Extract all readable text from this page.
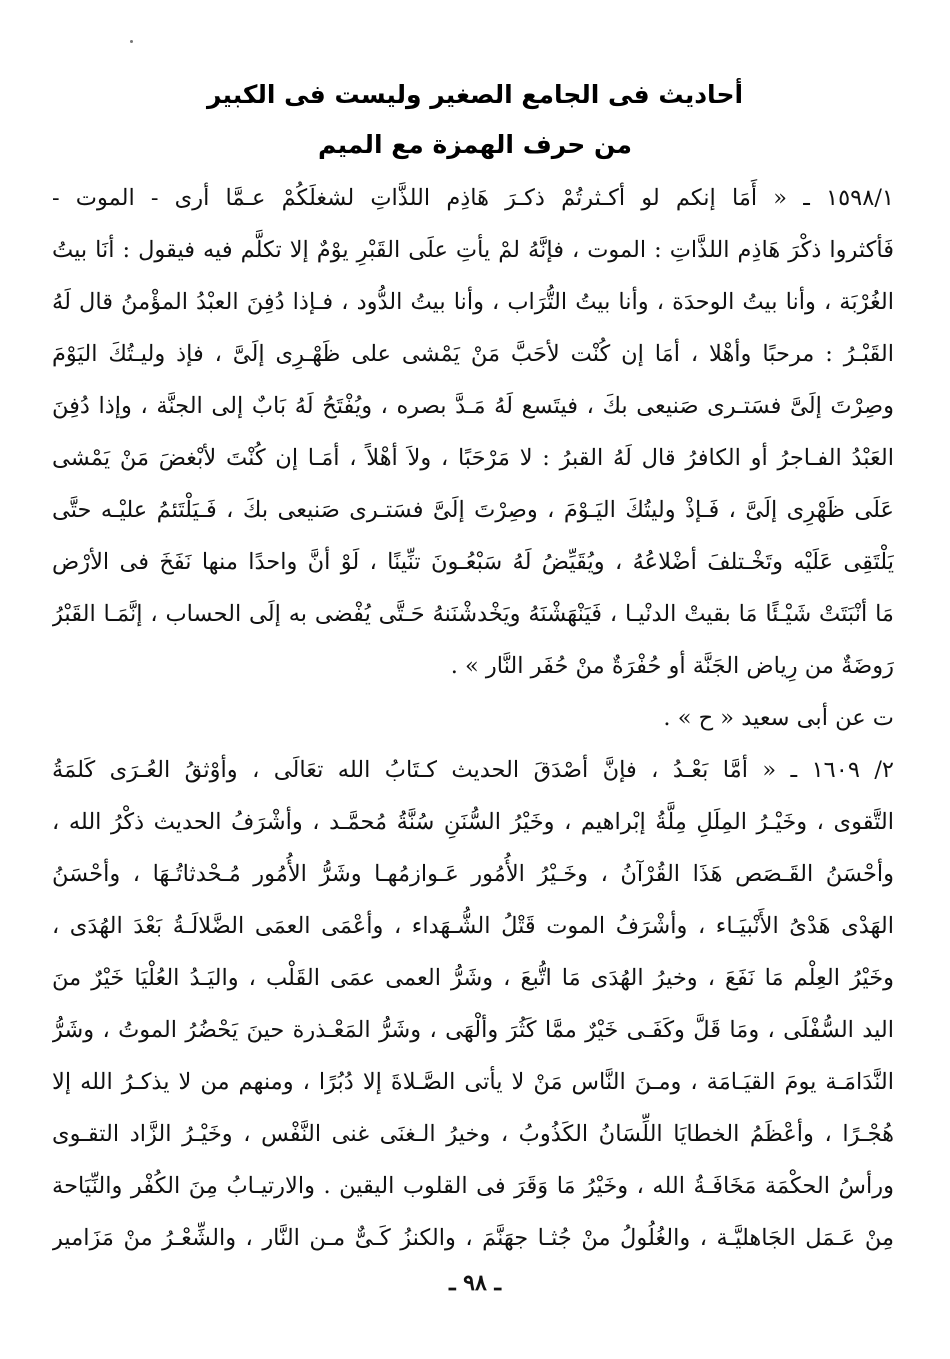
أحاديث فى الجامع الصغير وليست فى الكبير
من حرف الهمزة مع الميم
١٥٩٨/١ ـ « أَمَا إنكم لو أكـثرتُمْ ذكـرَ هَاذِم اللذَّاتِ لشغلَكُمْ عـمَّا أرى - الموت -
فَأكثروا ذكْرَ هَاذِم اللذَّاتِ : الموت ، فإنَّهُ لمْ يأتِ علَى القَبْرِ يوْمٌ إلا تكلَّم فيه فيقول : أنَا بيتُ
الغُرْبَة ، وأنا بيتُ الوحدَة ، وأنا بيتُ التُّرَاب ، وأنا بيتُ الدُّود ، فـإذا دُفِنَ العبْدُ المؤْمنُ قال لَهُ
القَبْـرُ : مرحبًا وأهْلا ، أمَا إن كُنْت لأحَبَّ مَنْ يَمْشى على ظَهْـرِى إلَىَّ ، فإذ وليـتُكَ اليَوْمَ
وصِرْتَ إلَىَّ فسَتـرى صَنيعى بكَ ، فيتَسع لَهُ مَـدَّ بصره ، ويُفْتَحُ لَهُ بَابٌ إلى الجنَّة ، وإذا دُفِنَ
العَبْدُ الفـاجرُ أو الكافرُ قال لَهُ القبرُ : لا مَرْحَبًا ، ولاَ أهْلاً ، أمَـا إن كُنْتَ لأبْغضَ مَنْ يَمْشى
عَلَى ظَهْرِى إلَىَّ ، فَـإذْ وليتُكَ اليَـوْمَ ، وصِرْتَ إلَىَّ فسَتـرى صَنيعى بكَ ، فَـيَلْتَئمُ عليْـه حتَّى
يَلْتَقِى عَلَيْه وتَخْـتلفَ أضْلاعُهُ ، ويُقَيِّضُ لَهُ سَبْعُـونَ تنِّينًا ، لَوْ أنَّ واحدًا منها نَفَخَ فى الأرْض
مَا أنْبَتَتْ شَيْـئًا مَا بقيتْ الدنْيـا ، فَيَنْهَشْنَهُ ويَخْدشْنَنهُ حَـتَّى يُفْضى به إلَى الحساب ، إنَّمَـا القَبْرُ
رَوضَةٌ من رِياض الجَنَّة أو حُفْرَةٌ منْ حُفَر النَّار » .
ت عن أبى سعيد « ح » .
٢/ ١٦٠٩ ـ « أمَّا بَعْـدُ ، فإنَّ أصْدَقَ الحديث كـتَابُ الله تعَالَى ، وأوْثقُ العُـرَى كَلمَةُ
التَّقوى ، وخَيْـرُ المِلَلِ مِلَّةُ إبْراهيم ، وخَيْرُ السُّنَنِ سُنَّةُ مُحمَّـد ، وأشْرَفُ الحديث ذكْرُ الله ،
وأحْسَنُ القَـصَص هَذَا القُرْآنُ ، وخَـيْرُ الأُمُور عَـوازمُهـا وشَرُّ الأُمُور مُـحْدثاتُـهَا ، وأحْسَنُ
الهَدْى هَدْىُ الأَنْبيَـاء ، وأشْرَفُ الموت قَتْلُ الشُّـهَداء ، وأعْمَى العمَى الضَّلالَـةُ بَعْدَ الهُدَى ،
وخَيْرُ العِلْم مَا نَفَعَ ، وخيرُ الهُدَى مَا اتُّبعَ ، وشَرُّ العمى عمَى القَلْب ، واليَـدُ العُلْيَا خَيْرٌ منَ
اليد السُّفْلَى ، ومَا قَلَّ وكَفَـى خَيْرٌ ممَّا كَثُرَ وألْهَى ، وشَرُّ المَعْـذرة حينَ يَحْضُرُ الموتُ ، وشَرُّ
النَّدَامَـة يومَ القيَـامَة ، ومـنَ النَّاس مَنْ لا يأتى الصَّـلاةَ إلا دُبُرًا ، ومنهم من لا يذكـرُ الله إلا
هُجْـرًا ، وأعْظَمُ الخطايَا اللِّسَانُ الكَذُوبُ ، وخيرُ الـغنَى غنى النَّفْس ، وخَيْـرُ الزَّاد التقـوى
ورأسُ الحكْمَة مَخَافَـةُ الله ، وخَيْرُ مَا وَقَرَ فى القلوب اليقين . والارتيـابُ مِنَ الكُفْر والنِّيَاحة
مِنْ عَـمَل الجَاهليَّـة ، والغُلُولُ منْ جُثـا جهَنَّمَ ، والكنزُ كَـىٌّ مـن النَّار ، والشِّعْـرُ منْ مَزَامير
ـ ٩٨ ـ
